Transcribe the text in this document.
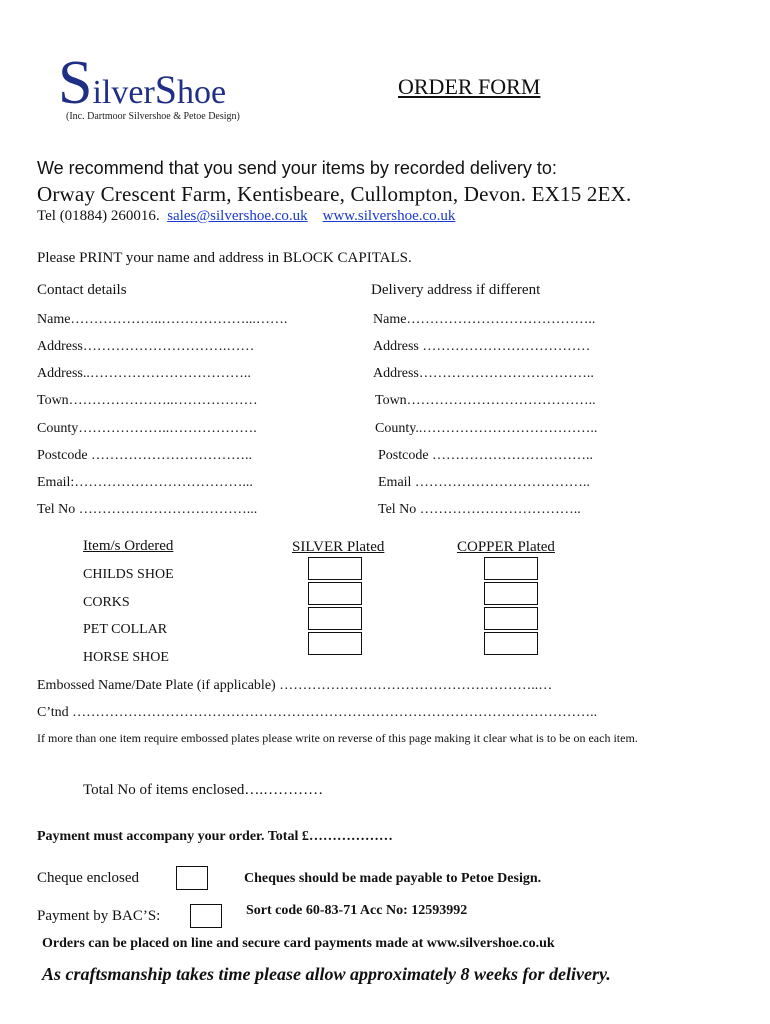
SilverShoe
(Inc. Dartmoor Silvershoe & Petoe Design)
ORDER FORM
We recommend that you send your items by recorded delivery to:
Orway Crescent Farm, Kentisbeare, Cullompton, Devon. EX15 2EX.
Tel (01884) 260016. sales@silvershoe.co.uk www.silvershoe.co.uk
Please PRINT your name and address in BLOCK CAPITALS.
Contact details	Delivery address if different
Name………………..………………...…….
Address………………………….……
Address..……………………………..
Town…………………..………………
County………………..……………….
Postcode ……………………………..
Email:………………………………...
Tel No ………………………………...
Name…………………………………..
Address ………………………………
Address………………………………..
Town…………………………………..
County..………………………………..
Postcode ……………………………..
Email ………………………………..
Tel No ……………………………..
Item/s Ordered	SILVER Plated	COPPER Plated
CHILDS SHOE
CORKS
PET COLLAR
HORSE SHOE
Embossed Name/Date Plate (if applicable) ………………………………………………..…
C’tnd …………………………………………………………………………………………………..
If more than one item require embossed plates please write on reverse of this page making it clear what is to be on each item.
Total No of items enclosed….…………
Payment must accompany your order. Total £………………
Cheque enclosed	Cheques should be made payable to Petoe Design.
Payment by BAC’S:	Sort code 60-83-71 Acc No: 12593992
Orders can be placed on line and secure card payments made at www.silvershoe.co.uk
As craftsmanship takes time please allow approximately 8 weeks for delivery.
